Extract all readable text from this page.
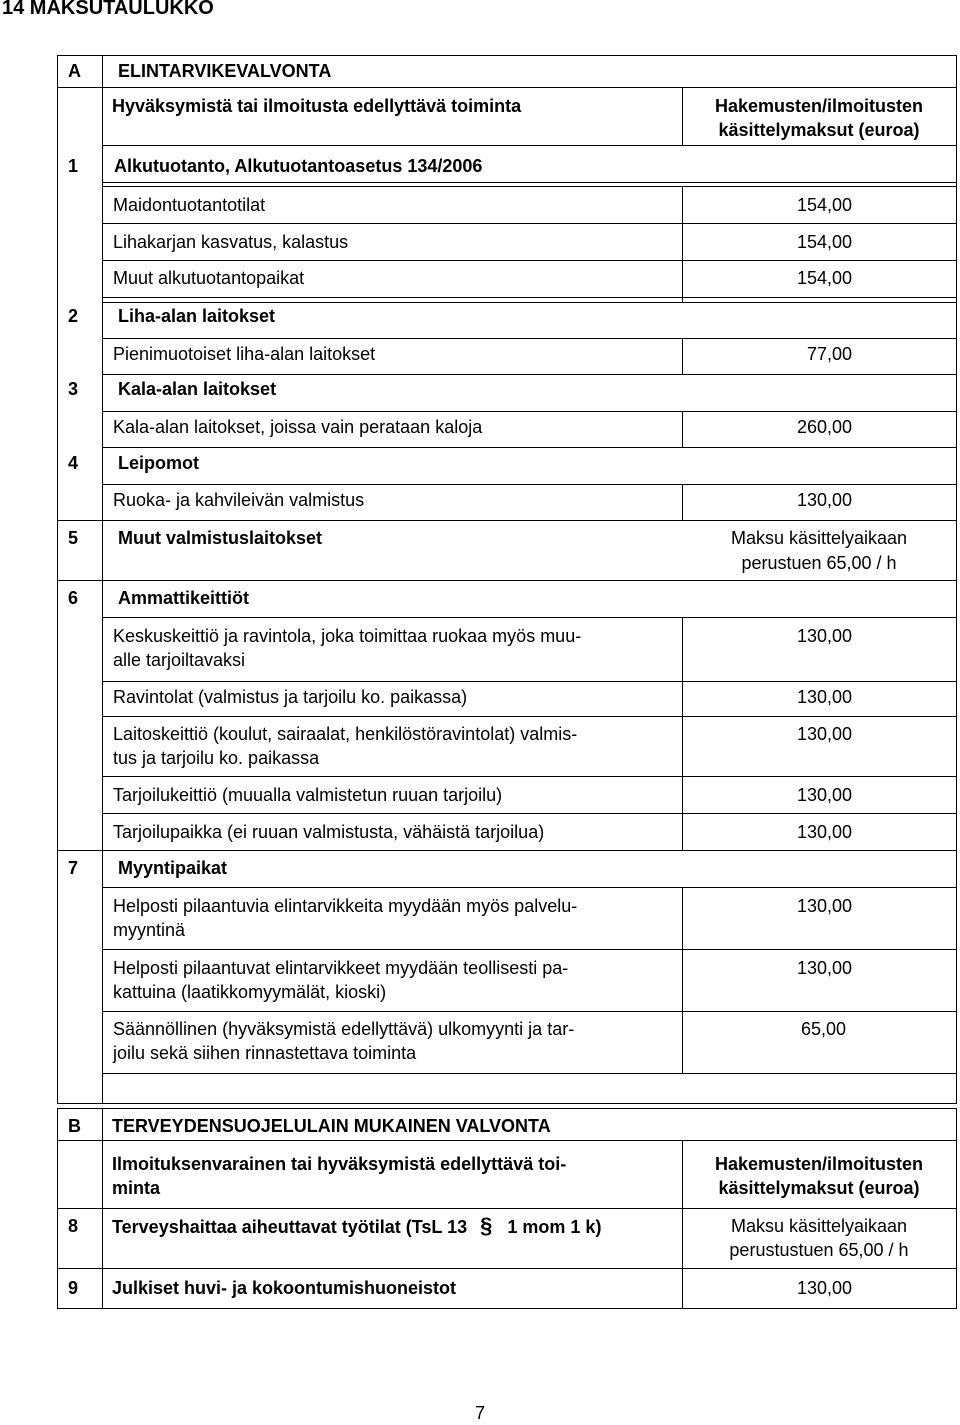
14 MAKSUTAULUKKO
A ELINTARVIKEVALVONTA
Hyväksymistä tai ilmoitusta edellyttävä toiminta	Hakemusten/ilmoitusten
käsittelymaksut (euroa)
1 Alkutuotanto, Alkutuotantoasetus 134/2006
Maidontuotantotilat	154,00
Lihakarjan kasvatus, kalastus	154,00
Muut alkutuotantopaikat	154,00
2 Liha-alan laitokset
Pienimuotoiset liha-alan laitokset	77,00
3 Kala-alan laitokset
Kala-alan laitokset, joissa vain perataan kaloja	260,00
4 Leipomot
Ruoka- ja kahvileivän valmistus	130,00
5 Muut valmistuslaitokset	Maksu käsittelyaikaan
perustuen 65,00 / h
6 Ammattikeittiöt
Keskuskeittiö ja ravintola, joka toimittaa ruokaa myös muu-
alle tarjoiltavaksi
130,00
Ravintolat (valmistus ja tarjoilu ko. paikassa)	130,00
Laitoskeittiö (koulut, sairaalat, henkilöstöravintolat) valmis-
tus ja tarjoilu ko. paikassa
130,00
Tarjoilukeittiö (muualla valmistetun ruuan tarjoilu)	130,00
Tarjoilupaikka (ei ruuan valmistusta, vähäistä tarjoilua)	130,00
7 Myyntipaikat
Helposti pilaantuvia elintarvikkeita myydään myös palvelu-
myyntinä
130,00
Helposti pilaantuvat elintarvikkeet myydään teollisesti pa-
kattuina (laatikkomyymälät, kioski)
130,00
Säännöllinen (hyväksymistä edellyttävä) ulkomyynti ja tar-
joilu sekä siihen rinnastettava toiminta
65,00
B TERVEYDENSUOJELULAIN MUKAINEN VALVONTA
Ilmoituksenvarainen tai hyväksymistä edellyttävä toi-
minta
Hakemusten/ilmoitusten
käsittelymaksut (euroa)
8 Terveyshaittaa aiheuttavat työtilat (TsL 13 § 1 mom 1 k)	Maksu käsittelyaikaan
perustustuen 65,00 / h
9 Julkiset huvi- ja kokoontumishuoneistot	130,00
7
